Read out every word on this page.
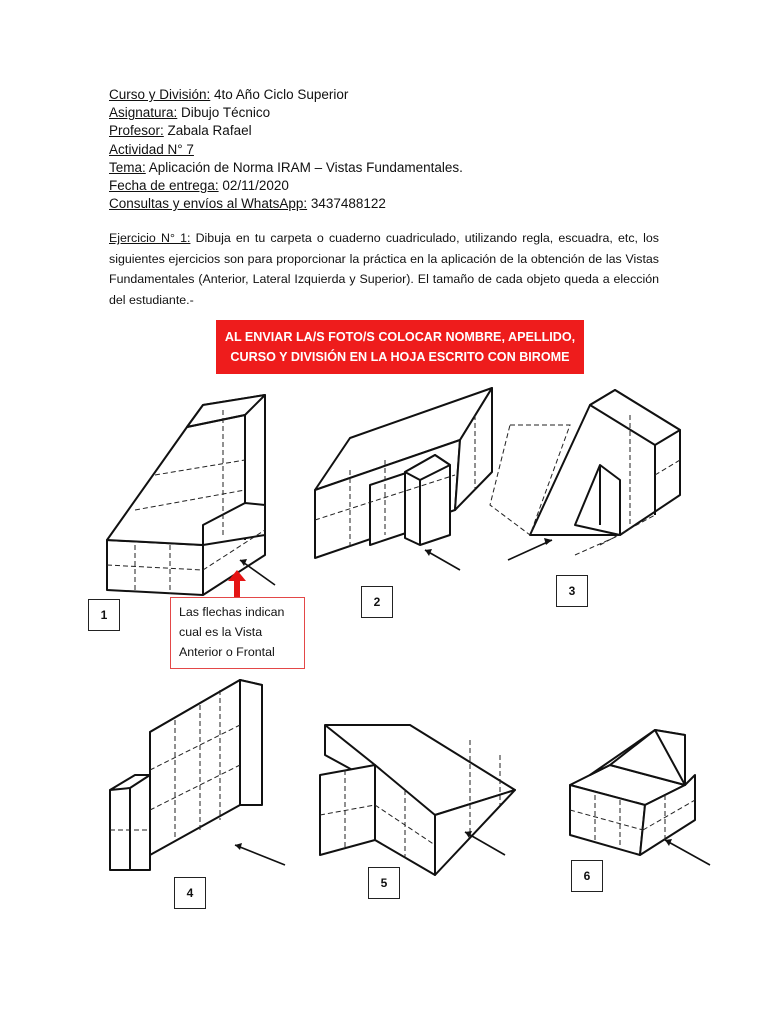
Curso y División: 4to Año Ciclo Superior
Asignatura: Dibujo Técnico
Profesor: Zabala Rafael
Actividad N° 7
Tema: Aplicación de Norma IRAM – Vistas Fundamentales.
Fecha de entrega: 02/11/2020
Consultas y envíos al WhatsApp: 3437488122
Ejercicio N° 1: Dibuja en tu carpeta o cuaderno cuadriculado, utilizando regla, escuadra, etc, los siguientes ejercicios son para proporcionar la práctica en la aplicación de la obtención de las Vistas Fundamentales (Anterior, Lateral Izquierda y Superior). El tamaño de cada objeto queda a elección del estudiante.-
AL ENVIAR LA/S FOTO/S COLOCAR NOMBRE, APELLIDO,
CURSO Y DIVISIÓN EN LA HOJA ESCRITO CON BIROME
1
2
3
4
5	6
Las flechas indican
cual es la Vista
Anterior o Frontal
